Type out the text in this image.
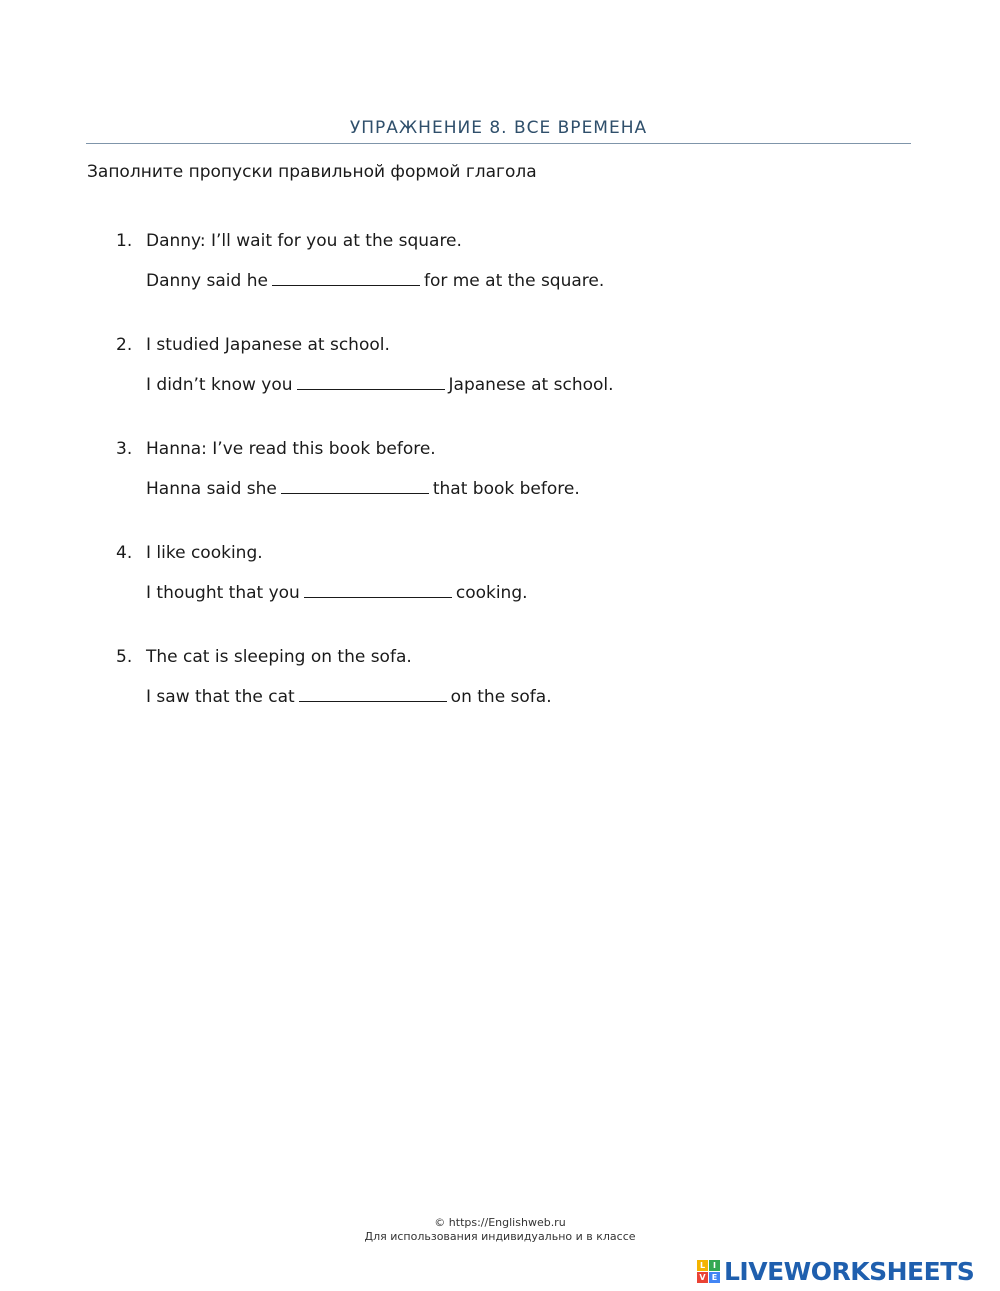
УПРАЖНЕНИЕ 8. ВСЕ ВРЕМЕНА
Заполните пропуски правильной формой глагола
1. Danny: I’ll wait for you at the square.
Danny said he	for me at the square.
2. I studied Japanese at school.
I didn’t know you	Japanese at school.
3. Hanna: I’ve read this book before.
Hanna said she	that book before.
4. I like cooking.
I thought that you	cooking.
5. The cat is sleeping on the sofa.
I saw that the cat	on the sofa.
© https://Englishweb.ru
Для использования индивидуально и в классе
L I
V E LIVEWORKSHEETS
